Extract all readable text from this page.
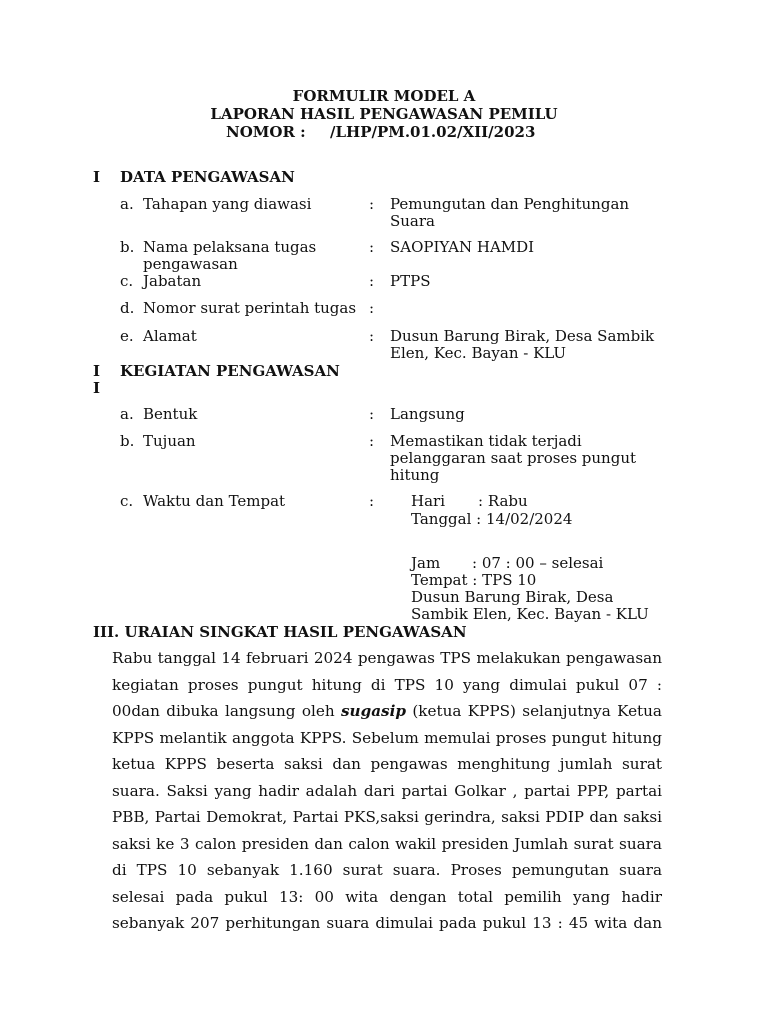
FORMULIR MODEL A
LAPORAN HASIL PENGAWASAN PEMILU
NOMOR : /LHP/PM.01.02/XII/2023
I DATA PENGAWASAN
a. Tahapan yang diawasi	: Pemungutan dan Penghitungan
Suara
b. Nama pelaksana tugas
pengawasan
: SAOPIYAN HAMDI
c. Jabatan	: PTPS
d. Nomor surat perintah tugas :
e. Alamat	: Dusun Barung Birak, Desa Sambik
Elen, Kec. Bayan - KLU
I
I
KEGIATAN PENGAWASAN
a. Bentuk	: Langsung
b. Tujuan	: Memastikan tidak terjadi
pelanggaran saat proses pungut
hitung
c. Waktu dan Tempat	: Hari : Rabu
Tanggal : 14/02/2024
Jam : 07 : 00 – selesai
Tempat : TPS 10
Dusun Barung Birak, Desa
Sambik Elen, Kec. Bayan - KLU
III. URAIAN SINGKAT HASIL PENGAWASAN
Rabu tanggal 14 februari 2024 pengawas TPS melakukan pengawasan
kegiatan proses pungut hitung di TPS 10 yang dimulai pukul 07 :
00dan dibuka langsung oleh sugasip (ketua KPPS) selanjutnya Ketua
KPPS melantik anggota KPPS. Sebelum memulai proses pungut hitung
ketua KPPS beserta saksi dan pengawas menghitung jumlah surat
suara. Saksi yang hadir adalah dari partai Golkar , partai PPP, partai
PBB, Partai Demokrat, Partai PKS,saksi gerindra, saksi PDIP dan saksi
saksi ke 3 calon presiden dan calon wakil presiden Jumlah surat suara
di TPS 10 sebanyak 1.160 surat suara. Proses pemungutan suara
selesai pada pukul 13: 00 wita dengan total pemilih yang hadir
sebanyak 207 perhitungan suara dimulai pada pukul 13 : 45 wita dan
